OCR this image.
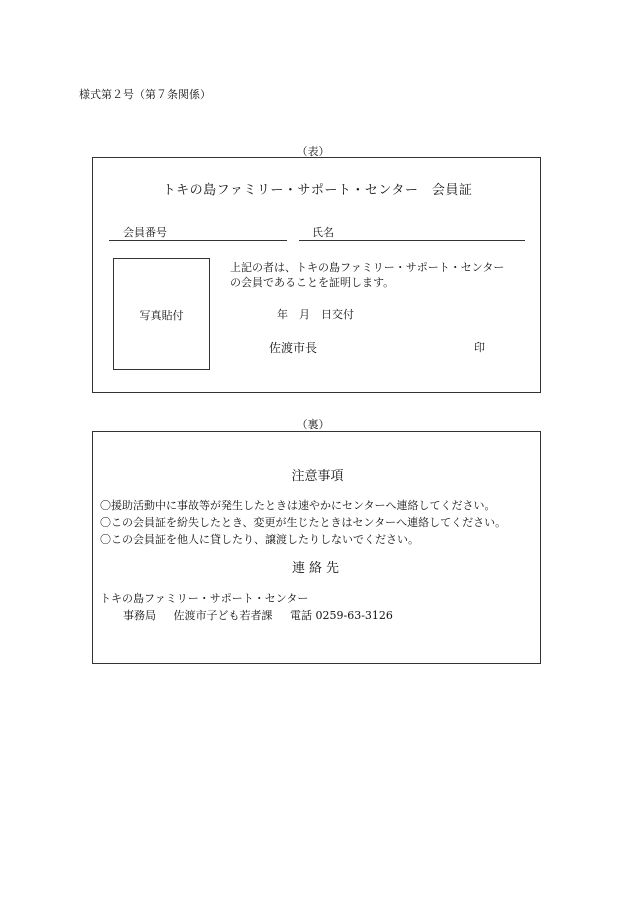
様式第２号（第７条関係）
（表）
トキの島ファミリー・サポート・センター　会員証
会員番号	氏名
写真貼付
上記の者は、トキの島ファミリー・サポート・センター
の会員であることを証明します。
年　月　日交付
佐渡市長	印
（裏）
注意事項
〇援助活動中に事故等が発生したときは速やかにセンターへ連絡してください。
〇この会員証を紛失したとき、変更が生じたときはセンターへ連絡してください。
〇この会員証を他人に貸したり、譲渡したりしないでください。
連絡先
トキの島ファミリー・サポート・センター
事務局 佐渡市子ども若者課 電話 0259-63-3126
